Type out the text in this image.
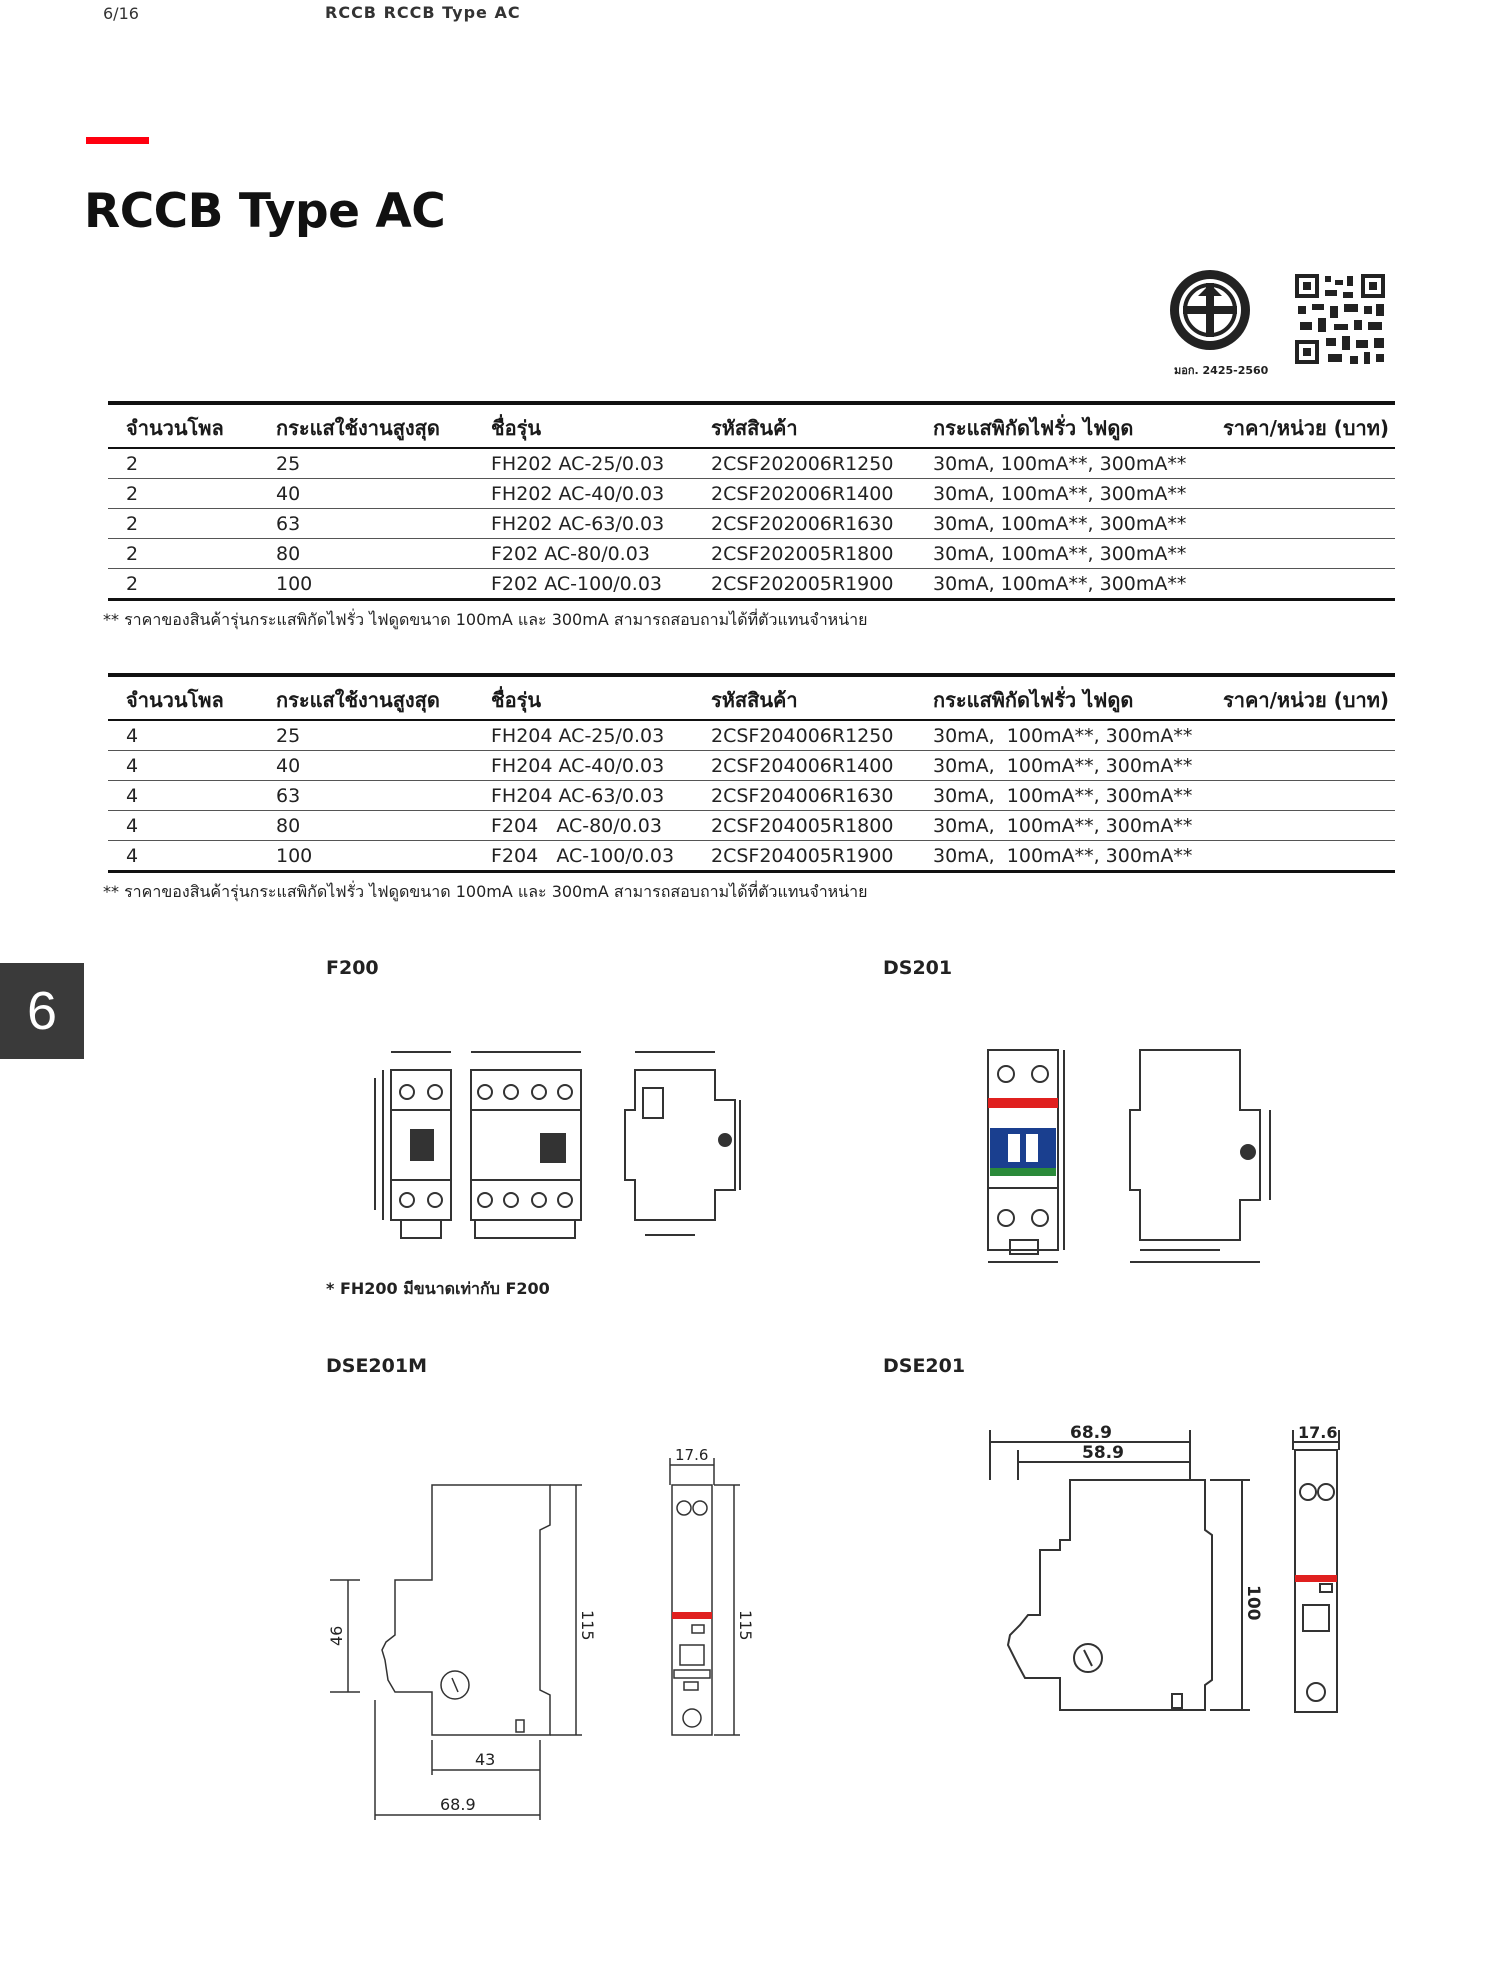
6/16	RCCB RCCB Type AC
RCCB Type AC
มอก. 2425-2560
จำนวนโพล	กระแสใช้งานสูงสุด	ชื่อรุ่น	รหัสสินค้า	กระแสพิกัดไฟรั่ว ไฟดูด	ราคา/หน่วย (บาท)
2	25	FH202 AC-25/0.03	2CSF202006R1250	30mA, 100mA**, 300mA**	
2	40	FH202 AC-40/0.03	2CSF202006R1400	30mA, 100mA**, 300mA**	
2	63	FH202 AC-63/0.03	2CSF202006R1630	30mA, 100mA**, 300mA**	
2	80	F202 AC-80/0.03	2CSF202005R1800	30mA, 100mA**, 300mA**	
2	100	F202 AC-100/0.03	2CSF202005R1900	30mA, 100mA**, 300mA**	
** ราคาของสินค้ารุ่นกระแสพิกัดไฟรั่ว ไฟดูดขนาด 100mA และ 300mA สามารถสอบถามได้ที่ตัวแทนจำหน่าย
จำนวนโพล	กระแสใช้งานสูงสุด	ชื่อรุ่น	รหัสสินค้า	กระแสพิกัดไฟรั่ว ไฟดูด	ราคา/หน่วย (บาท)
4	25	FH204 AC-25/0.03	2CSF204006R1250	30mA,  100mA**, 300mA**	
4	40	FH204 AC-40/0.03	2CSF204006R1400	30mA,  100mA**, 300mA**	
4	63	FH204 AC-63/0.03	2CSF204006R1630	30mA,  100mA**, 300mA**	
4	80	F204   AC-80/0.03	2CSF204005R1800	30mA,  100mA**, 300mA**	
4	100	F204   AC-100/0.03	2CSF204005R1900	30mA,  100mA**, 300mA**	
** ราคาของสินค้ารุ่นกระแสพิกัดไฟรั่ว ไฟดูดขนาด 100mA และ 300mA สามารถสอบถามได้ที่ตัวแทนจำหน่าย
6
F200	DS201
* FH200 มีขนาดเท่ากับ F200
DSE201M	DSE201
115
46
43
68.9
17.6
115
68.9
58.9
100
17.6
